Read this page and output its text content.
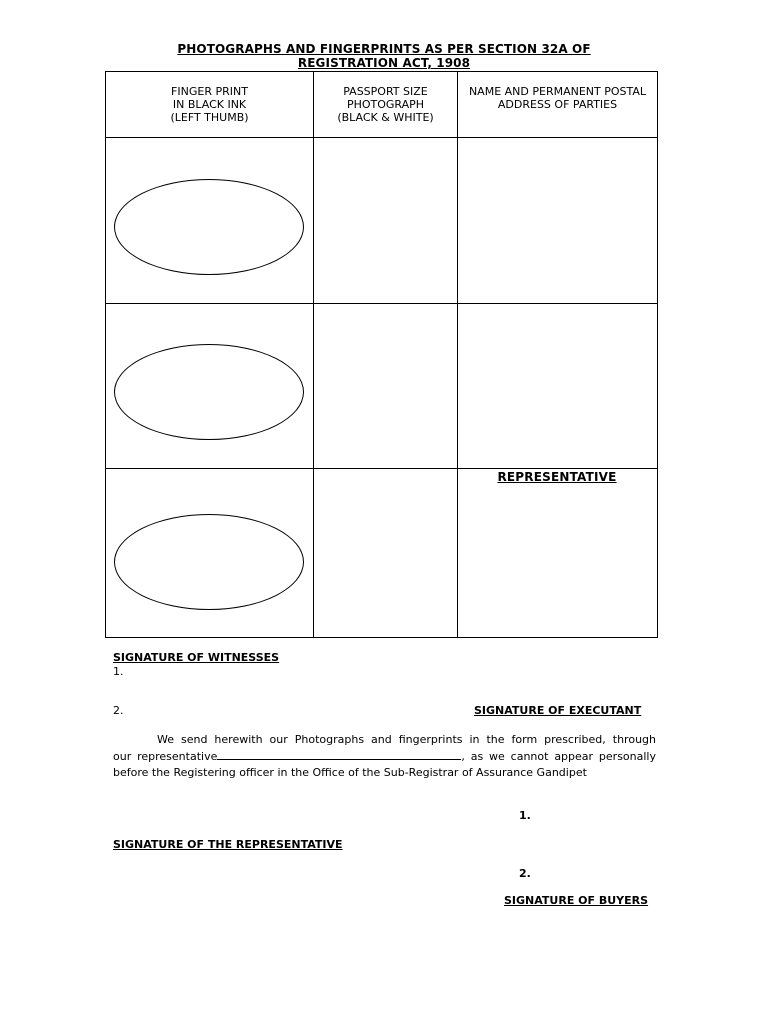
PHOTOGRAPHS AND FINGERPRINTS AS PER SECTION 32A OF
REGISTRATION ACT, 1908
FINGER PRINT
IN BLACK INK
(LEFT THUMB)
PASSPORT SIZE
PHOTOGRAPH
(BLACK & WHITE)
NAME AND PERMANENT POSTAL
ADDRESS OF PARTIES
REPRESENTATIVE
SIGNATURE OF WITNESSES
1.
2.	SIGNATURE OF EXECUTANT
We send herewith our Photographs and fingerprints in the form prescribed, through
our representative	, as we cannot appear personally
before the Registering officer in the Office of the Sub-Registrar of Assurance Gandipet
1.
SIGNATURE OF THE REPRESENTATIVE
2.
SIGNATURE OF BUYERS
